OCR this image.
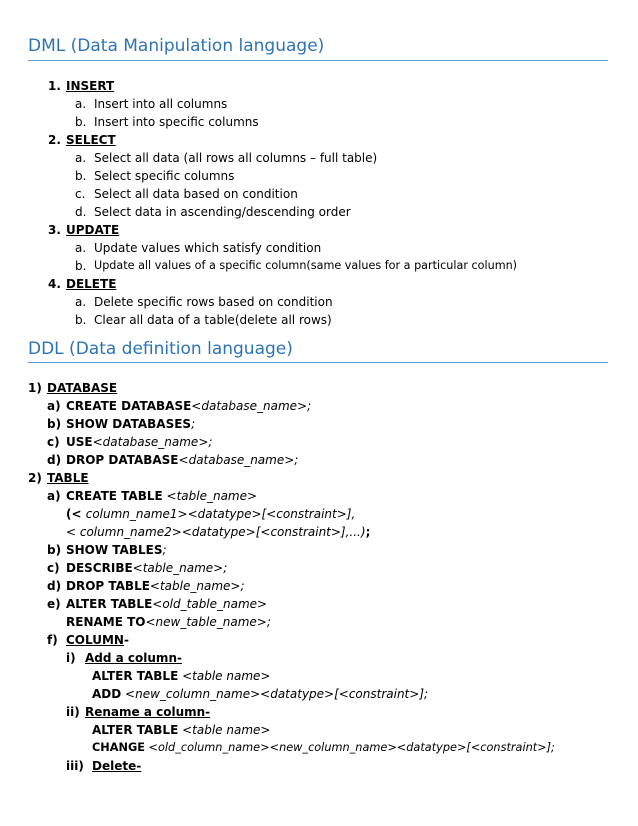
DML (Data Manipulation language)
1. INSERT
a. Insert into all columns
b. Insert into specific columns
2. SELECT
a. Select all data (all rows all columns – full table)
b. Select specific columns
c. Select all data based on condition
d. Select data in ascending/descending order
3. UPDATE
a. Update values which satisfy condition
b. Update all values of a specific column(same values for a particular column)
4. DELETE
a. Delete specific rows based on condition
b. Clear all data of a table(delete all rows)
DDL (Data definition language)
1) DATABASE
a) CREATE DATABASE<database_name>;
b) SHOW DATABASES;
c) USE<database_name>;
d) DROP DATABASE<database_name>;
2) TABLE
a) CREATE TABLE <table_name>
(< column_name1><datatype>[<constraint>],
< column_name2><datatype>[<constraint>],...);
b) SHOW TABLES;
c) DESCRIBE<table_name>;
d) DROP TABLE<table_name>;
e) ALTER TABLE<old_table_name>
RENAME TO<new_table_name>;
f) COLUMN-
i) Add a column-
ALTER TABLE <table name>
ADD <new_column_name><datatype>[<constraint>];
ii) Rename a column-
ALTER TABLE <table name>
CHANGE <old_column_name><new_column_name><datatype>[<constraint>];
iii) Delete-
